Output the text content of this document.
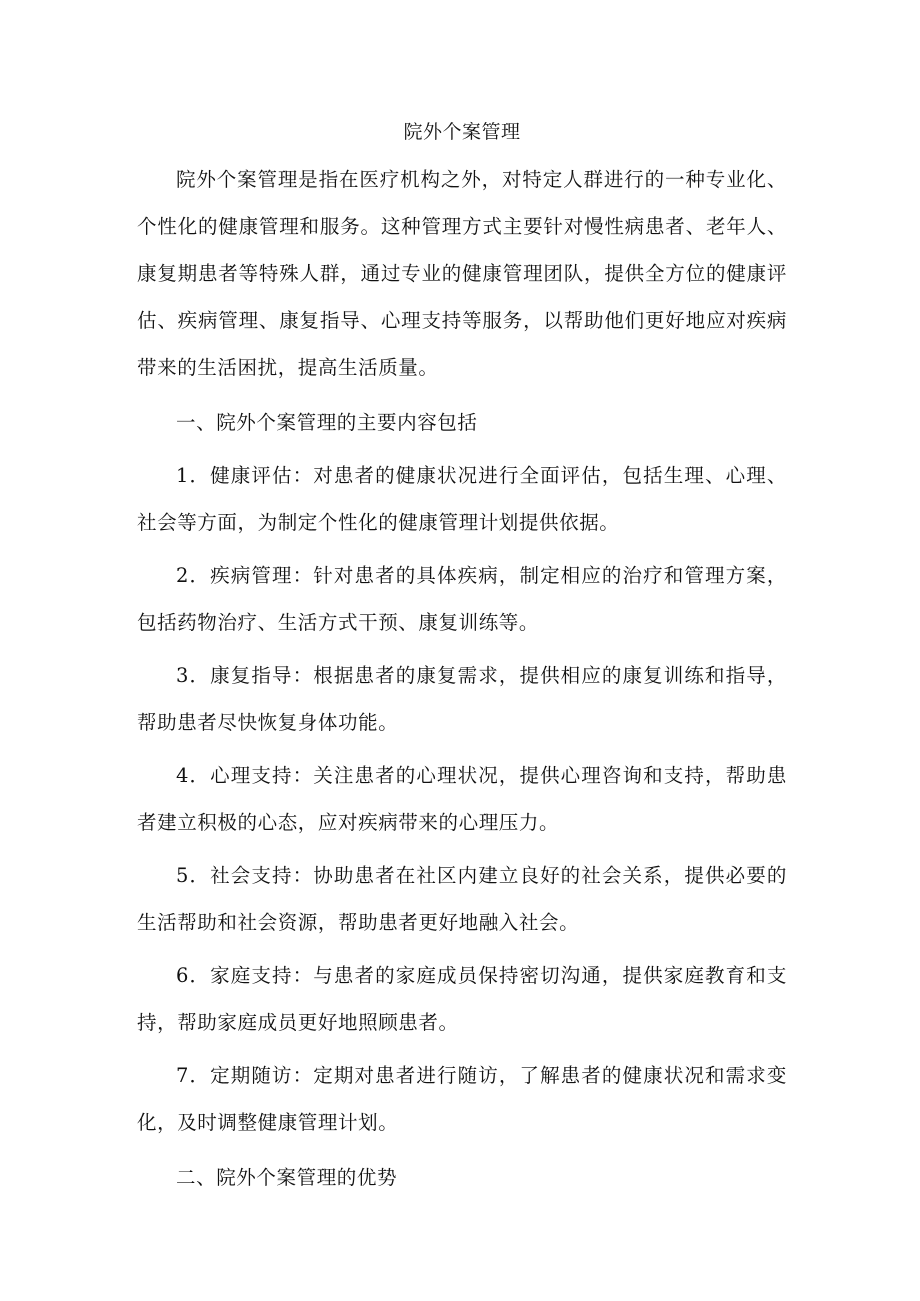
院外个案管理

院外个案管理是指在医疗机构之外，对特定人群进行的一种专业化、个性化的健康管理和服务。这种管理方式主要针对慢性病患者、老年人、康复期患者等特殊人群，通过专业的健康管理团队，提供全方位的健康评估、疾病管理、康复指导、心理支持等服务，以帮助他们更好地应对疾病带来的生活困扰，提高生活质量。

一、院外个案管理的主要内容包括

1．健康评估：对患者的健康状况进行全面评估，包括生理、心理、社会等方面，为制定个性化的健康管理计划提供依据。

2．疾病管理：针对患者的具体疾病，制定相应的治疗和管理方案，包括药物治疗、生活方式干预、康复训练等。

3．康复指导：根据患者的康复需求，提供相应的康复训练和指导，帮助患者尽快恢复身体功能。

4．心理支持：关注患者的心理状况，提供心理咨询和支持，帮助患者建立积极的心态，应对疾病带来的心理压力。

5．社会支持：协助患者在社区内建立良好的社会关系，提供必要的生活帮助和社会资源，帮助患者更好地融入社会。

6．家庭支持：与患者的家庭成员保持密切沟通，提供家庭教育和支持，帮助家庭成员更好地照顾患者。

7．定期随访：定期对患者进行随访，了解患者的健康状况和需求变化，及时调整健康管理计划。

二、院外个案管理的优势
